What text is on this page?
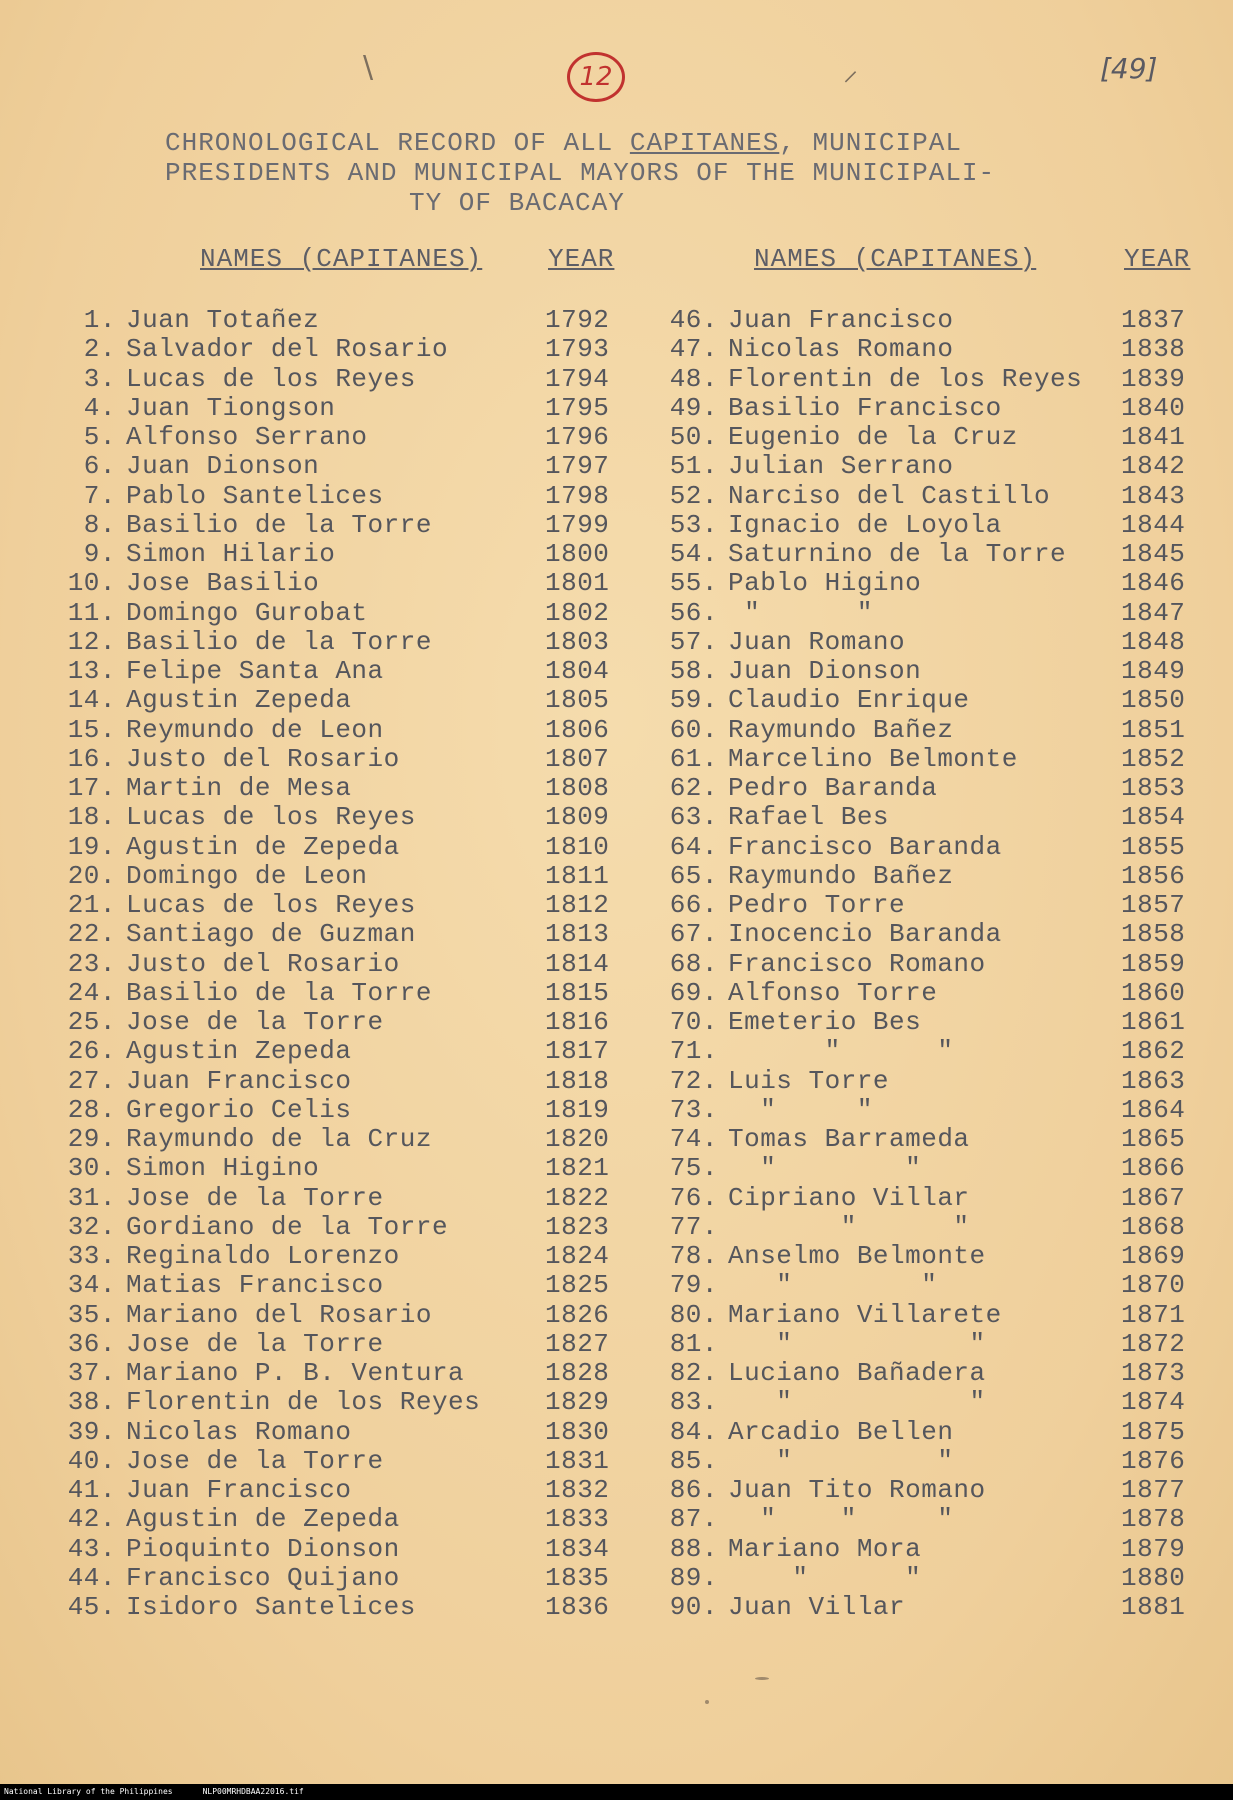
\	⸝
12	[49]
CHRONOLOGICAL RECORD OF ALL CAPITANES, MUNICIPAL
PRESIDENTS AND MUNICIPAL MAYORS OF THE MUNICIPALI-
TY OF BACACAY
NAMES (CAPITANES)	YEAR	NAMES (CAPITANES)	YEAR
1. Juan Totañez	1792
2. Salvador del Rosario	1793
3. Lucas de los Reyes	1794
4. Juan Tiongson	1795
5. Alfonso Serrano	1796
6. Juan Dionson	1797
7. Pablo Santelices	1798
8. Basilio de la Torre	1799
9. Simon Hilario	1800
10. Jose Basilio	1801
11. Domingo Gurobat	1802
12. Basilio de la Torre	1803
13. Felipe Santa Ana	1804
14. Agustin Zepeda	1805
15. Reymundo de Leon	1806
16. Justo del Rosario	1807
17. Martin de Mesa	1808
18. Lucas de los Reyes	1809
19. Agustin de Zepeda	1810
20. Domingo de Leon	1811
21. Lucas de los Reyes	1812
22. Santiago de Guzman	1813
23. Justo del Rosario	1814
24. Basilio de la Torre	1815
25. Jose de la Torre	1816
26. Agustin Zepeda	1817
27. Juan Francisco	1818
28. Gregorio Celis	1819
29. Raymundo de la Cruz	1820
30. Simon Higino	1821
31. Jose de la Torre	1822
32. Gordiano de la Torre	1823
33. Reginaldo Lorenzo	1824
34. Matias Francisco	1825
35. Mariano del Rosario	1826
36. Jose de la Torre	1827
37. Mariano P. B. Ventura	1828
38. Florentin de los Reyes 1829
39. Nicolas Romano	1830
40. Jose de la Torre	1831
41. Juan Francisco	1832
42. Agustin de Zepeda	1833
43. Pioquinto Dionson	1834
44. Francisco Quijano	1835
45. Isidoro Santelices	1836
46. Juan Francisco	1837
47. Nicolas Romano	1838
48. Florentin de los Reyes 1839
49. Basilio Francisco	1840
50. Eugenio de la Cruz	1841
51. Julian Serrano	1842
52. Narciso del Castillo	1843
53. Ignacio de Loyola	1844
54. Saturnino de la Torre 1845
55. Pablo Higino	1846
56. "      "	1847
57. Juan Romano	1848
58. Juan Dionson	1849
59. Claudio Enrique	1850
60. Raymundo Bañez	1851
61. Marcelino Belmonte	1852
62. Pedro Baranda	1853
63. Rafael Bes	1854
64. Francisco Baranda	1855
65. Raymundo Bañez	1856
66. Pedro Torre	1857
67. Inocencio Baranda	1858
68. Francisco Romano	1859
69. Alfonso Torre	1860
70. Emeterio Bes	1861
71.      "      "	1862
72. Luis Torre	1863
73.  "     "	1864
74. Tomas Barrameda	1865
75.  "        "	1866
76. Cipriano Villar	1867
77.       "      "	1868
78. Anselmo Belmonte	1869
79.   "        "	1870
80. Mariano Villarete	1871
81.   "           "	1872
82. Luciano Bañadera	1873
83.   "           "	1874
84. Arcadio Bellen	1875
85.   "         "	1876
86. Juan Tito Romano	1877
87.  "    "     "	1878
88. Mariano Mora	1879
89.    "      "	1880
90. Juan Villar	1881
National Library of the Philippines	NLP00MRHDBAA22016.tif
